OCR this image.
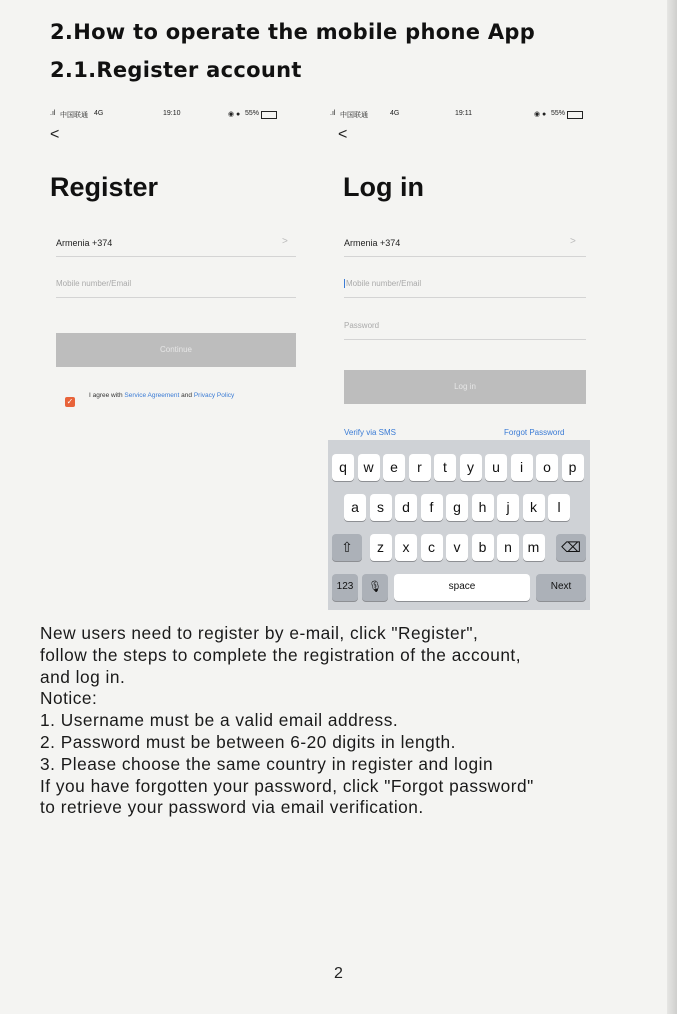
2.How to operate the mobile phone App
2.1.Register account
.ıl 中国联通 4G	19:10	◉ ● 55%
<
Register
Armenia +374	>
Mobile number/Email
Continue
✓
I agree with Service Agreement and Privacy Policy
.ıl 中国联通	4G	19:11	◉ ● 55%
<
Log in
Armenia +374	>
Mobile number/Email
Password
Log in
Verify via SMS	Forgot Password
q	w	e	r	t	y	u	i	o	p
a	s	d	f	g	h	j	k	l
⇧	z	x	c	v	b	n	m	⌫
123	🎙	space	Next

New users need to register by e-mail, click "Register",

follow the steps to complete the registration of the account,

and log in.

Notice:

1. Username must be a valid email address.

2. Password must be between 6-20 digits in length.

3. Please choose the same country in register and login

If you have forgotten your password, click "Forgot password"

to retrieve your password via email verification.

2
